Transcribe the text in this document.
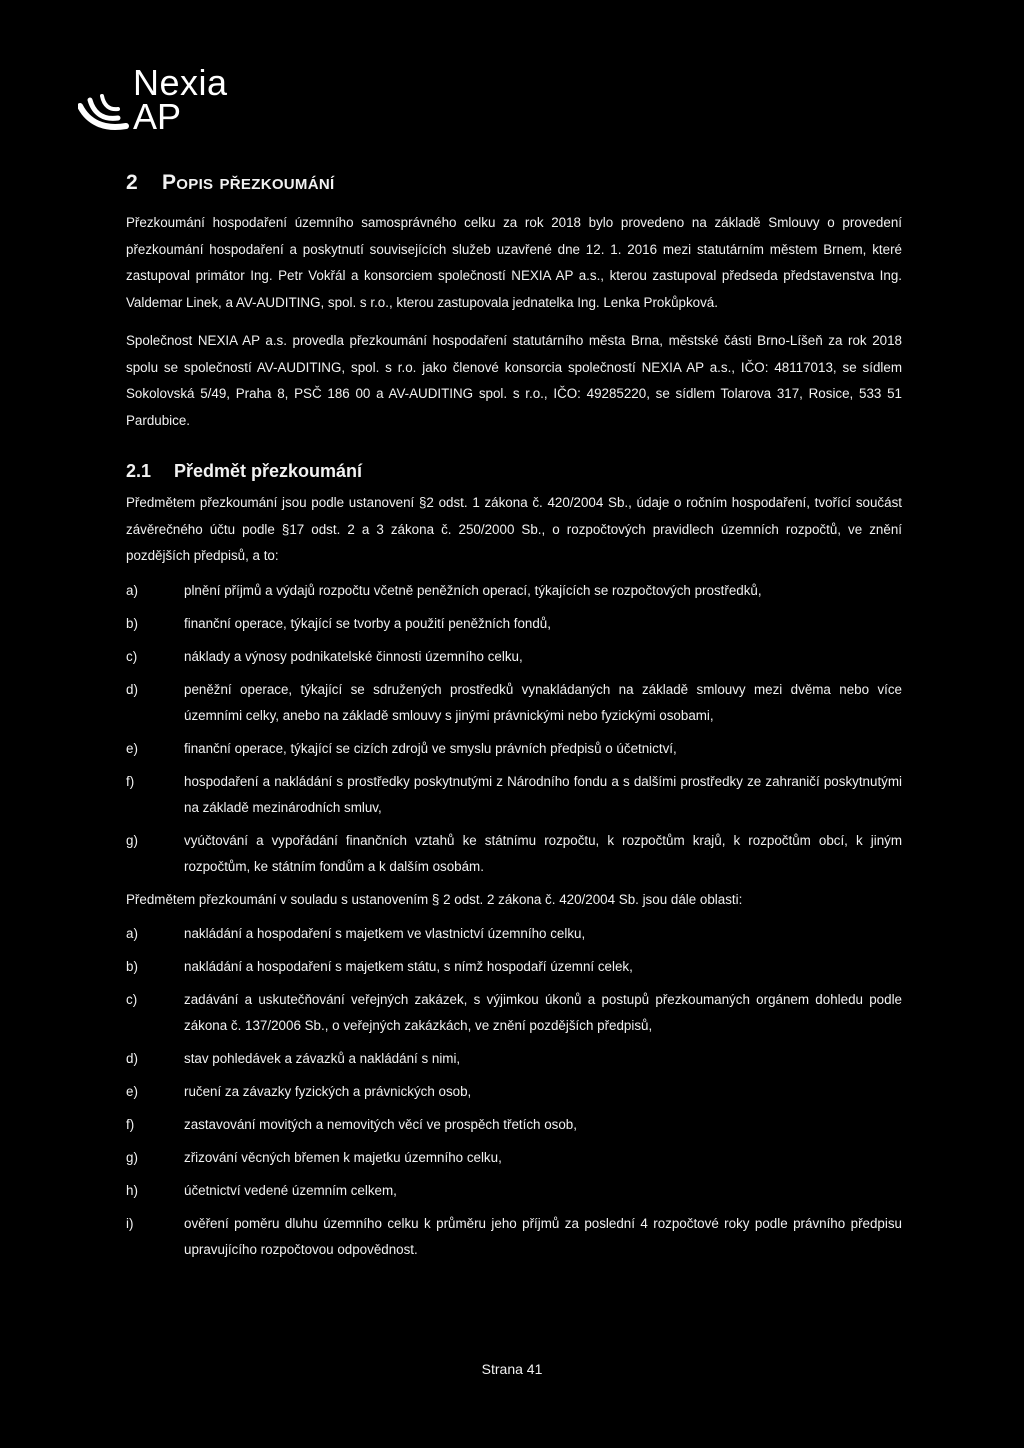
Nexia
AP
2 Popis přezkoumání

Přezkoumání hospodaření územního samosprávného celku za rok 2018 bylo provedeno na základě Smlouvy o provedení přezkoumání hospodaření a poskytnutí souvisejících služeb uzavřené dne 12. 1. 2016 mezi statutárním městem Brnem, které zastupoval primátor Ing. Petr Vokřál a konsorciem společností NEXIA AP a.s., kterou zastupoval předseda představenstva Ing. Valdemar Linek, a AV-AUDITING, spol. s r.o., kterou zastupovala jednatelka Ing. Lenka Prokůpková.

Společnost NEXIA AP a.s. provedla přezkoumání hospodaření statutárního města Brna, městské části Brno-Líšeň za rok 2018 spolu se společností AV-AUDITING, spol. s r.o. jako členové konsorcia společností NEXIA AP a.s., IČO: 48117013, se sídlem Sokolovská 5/49, Praha 8, PSČ 186 00 a AV-AUDITING spol. s r.o., IČO: 49285220, se sídlem Tolarova 317, Rosice, 533 51 Pardubice.

2.1 Předmět přezkoumání

Předmětem přezkoumání jsou podle ustanovení §2 odst. 1 zákona č. 420/2004 Sb., údaje o ročním hospodaření, tvořící součást závěrečného účtu podle §17 odst. 2 a 3 zákona č. 250/2000 Sb., o rozpočtových pravidlech územních rozpočtů, ve znění pozdějších předpisů, a to:

a)	plnění příjmů a výdajů rozpočtu včetně peněžních operací, týkajících se rozpočtových prostředků,
b)	finanční operace, týkající se tvorby a použití peněžních fondů,
c)	náklady a výnosy podnikatelské činnosti územního celku,
d)	peněžní operace, týkající se sdružených prostředků vynakládaných na základě smlouvy mezi dvěma nebo více územními celky, anebo na základě smlouvy s jinými právnickými nebo fyzickými osobami,
e)	finanční operace, týkající se cizích zdrojů ve smyslu právních předpisů o účetnictví,
f)	hospodaření a nakládání s prostředky poskytnutými z Národního fondu a s dalšími prostředky ze zahraničí poskytnutými na základě mezinárodních smluv,
g)	vyúčtování a vypořádání finančních vztahů ke státnímu rozpočtu, k rozpočtům krajů, k rozpočtům obcí, k jiným rozpočtům, ke státním fondům a k dalším osobám.

Předmětem přezkoumání v souladu s ustanovením § 2 odst. 2 zákona č. 420/2004 Sb. jsou dále oblasti:

a)	nakládání a hospodaření s majetkem ve vlastnictví územního celku,
b)	nakládání a hospodaření s majetkem státu, s nímž hospodaří územní celek,
c)	zadávání a uskutečňování veřejných zakázek, s výjimkou úkonů a postupů přezkoumaných orgánem dohledu podle zákona č. 137/2006 Sb., o veřejných zakázkách, ve znění pozdějších předpisů,
d)	stav pohledávek a závazků a nakládání s nimi,
e)	ručení za závazky fyzických a právnických osob,
f)	zastavování movitých a nemovitých věcí ve prospěch třetích osob,
g)	zřizování věcných břemen k majetku územního celku,
h)	účetnictví vedené územním celkem,
i)	ověření poměru dluhu územního celku k průměru jeho příjmů za poslední 4 rozpočtové roky podle právního předpisu upravujícího rozpočtovou odpovědnost.
Strana 41
